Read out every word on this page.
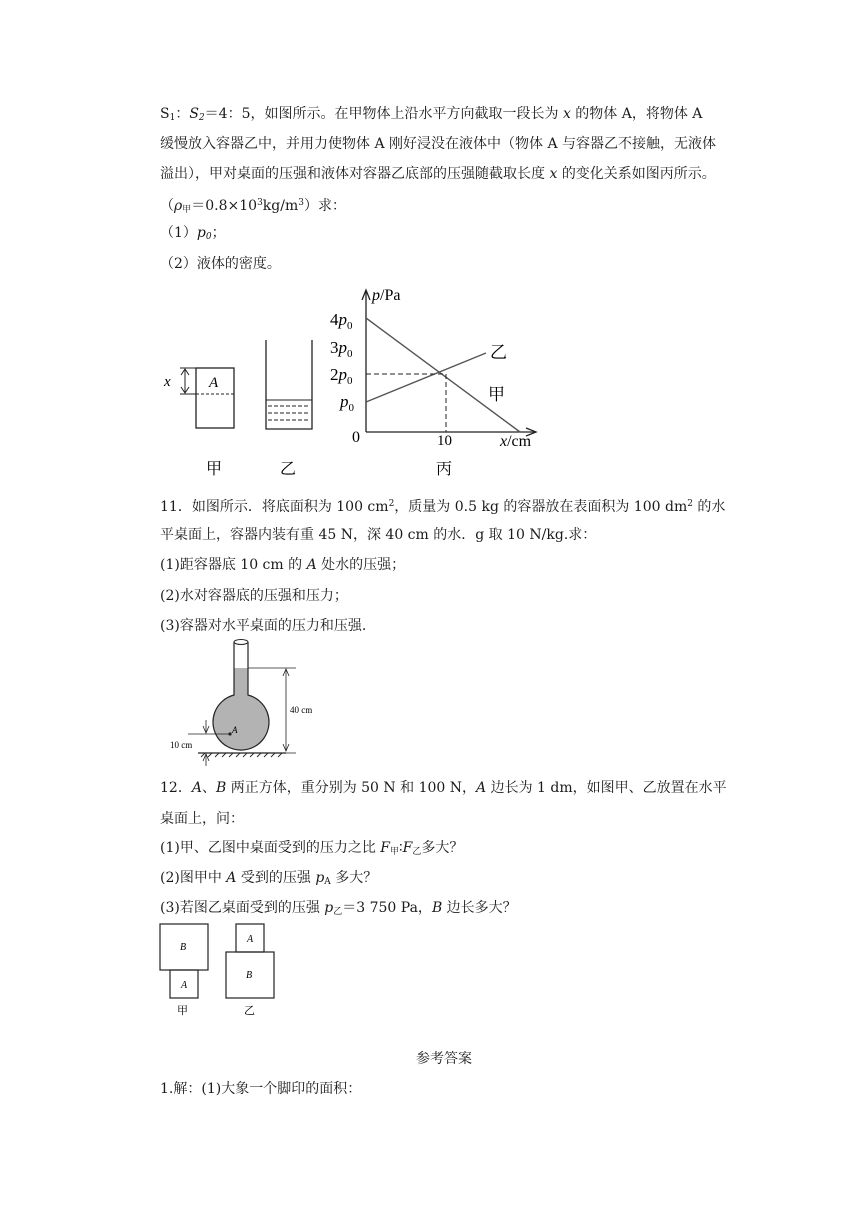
$S_1$：$S_2=4$：5，如图所示。在甲物体上沿水平方向截取一段长为 x 的物体 A，将物体 A
缓慢放入容器乙中，并用力使物体 A 刚好浸没在液体中（物体 A 与容器乙不接触，无液体
溢出），甲对桌面的压强和液体对容器乙底部的压强随截取长度 x 的变化关系如图丙所示。
$(\rho_甲=0.8\times 10^3kg/m^3)$求：
$(1)p_0$；
（2）液体的密度。
A
x
甲	乙
p/Pa
x/cm
0
$4p_0$
$3p_0$
$2p_0$
$p_0$
10
乙
甲
丙
11．如图所示．将底面积为 100 $cm^2$，质量为 0.5 kg 的容器放在表面积为 100 $dm^2$ 的水
平桌面上，容器内装有重 45 N，深 40 cm 的水．g 取 10 N/kg.求：
(1)距容器底 10 cm 的 A 处水的压强；
(2)水对容器底的压强和压力；
(3)容器对水平桌面的压力和压强.
40 cm
A
10 cm
12．A、B 两正方体，重分别为 50 N 和 100 N，A 边长为 1 dm，如图甲、乙放置在水平
桌面上，问：
(1)甲、乙图中桌面受到的压力之比 $F_甲∶F_乙$多大？
(2)图甲中 A 受到的压强 $p_A$ 多大？
(3)若图乙桌面受到的压强 $p_乙=3$ 750 Pa，B 边长多大？
B
A
甲
A
B
乙
参考答案
1.解：(1)大象一个脚印的面积：
